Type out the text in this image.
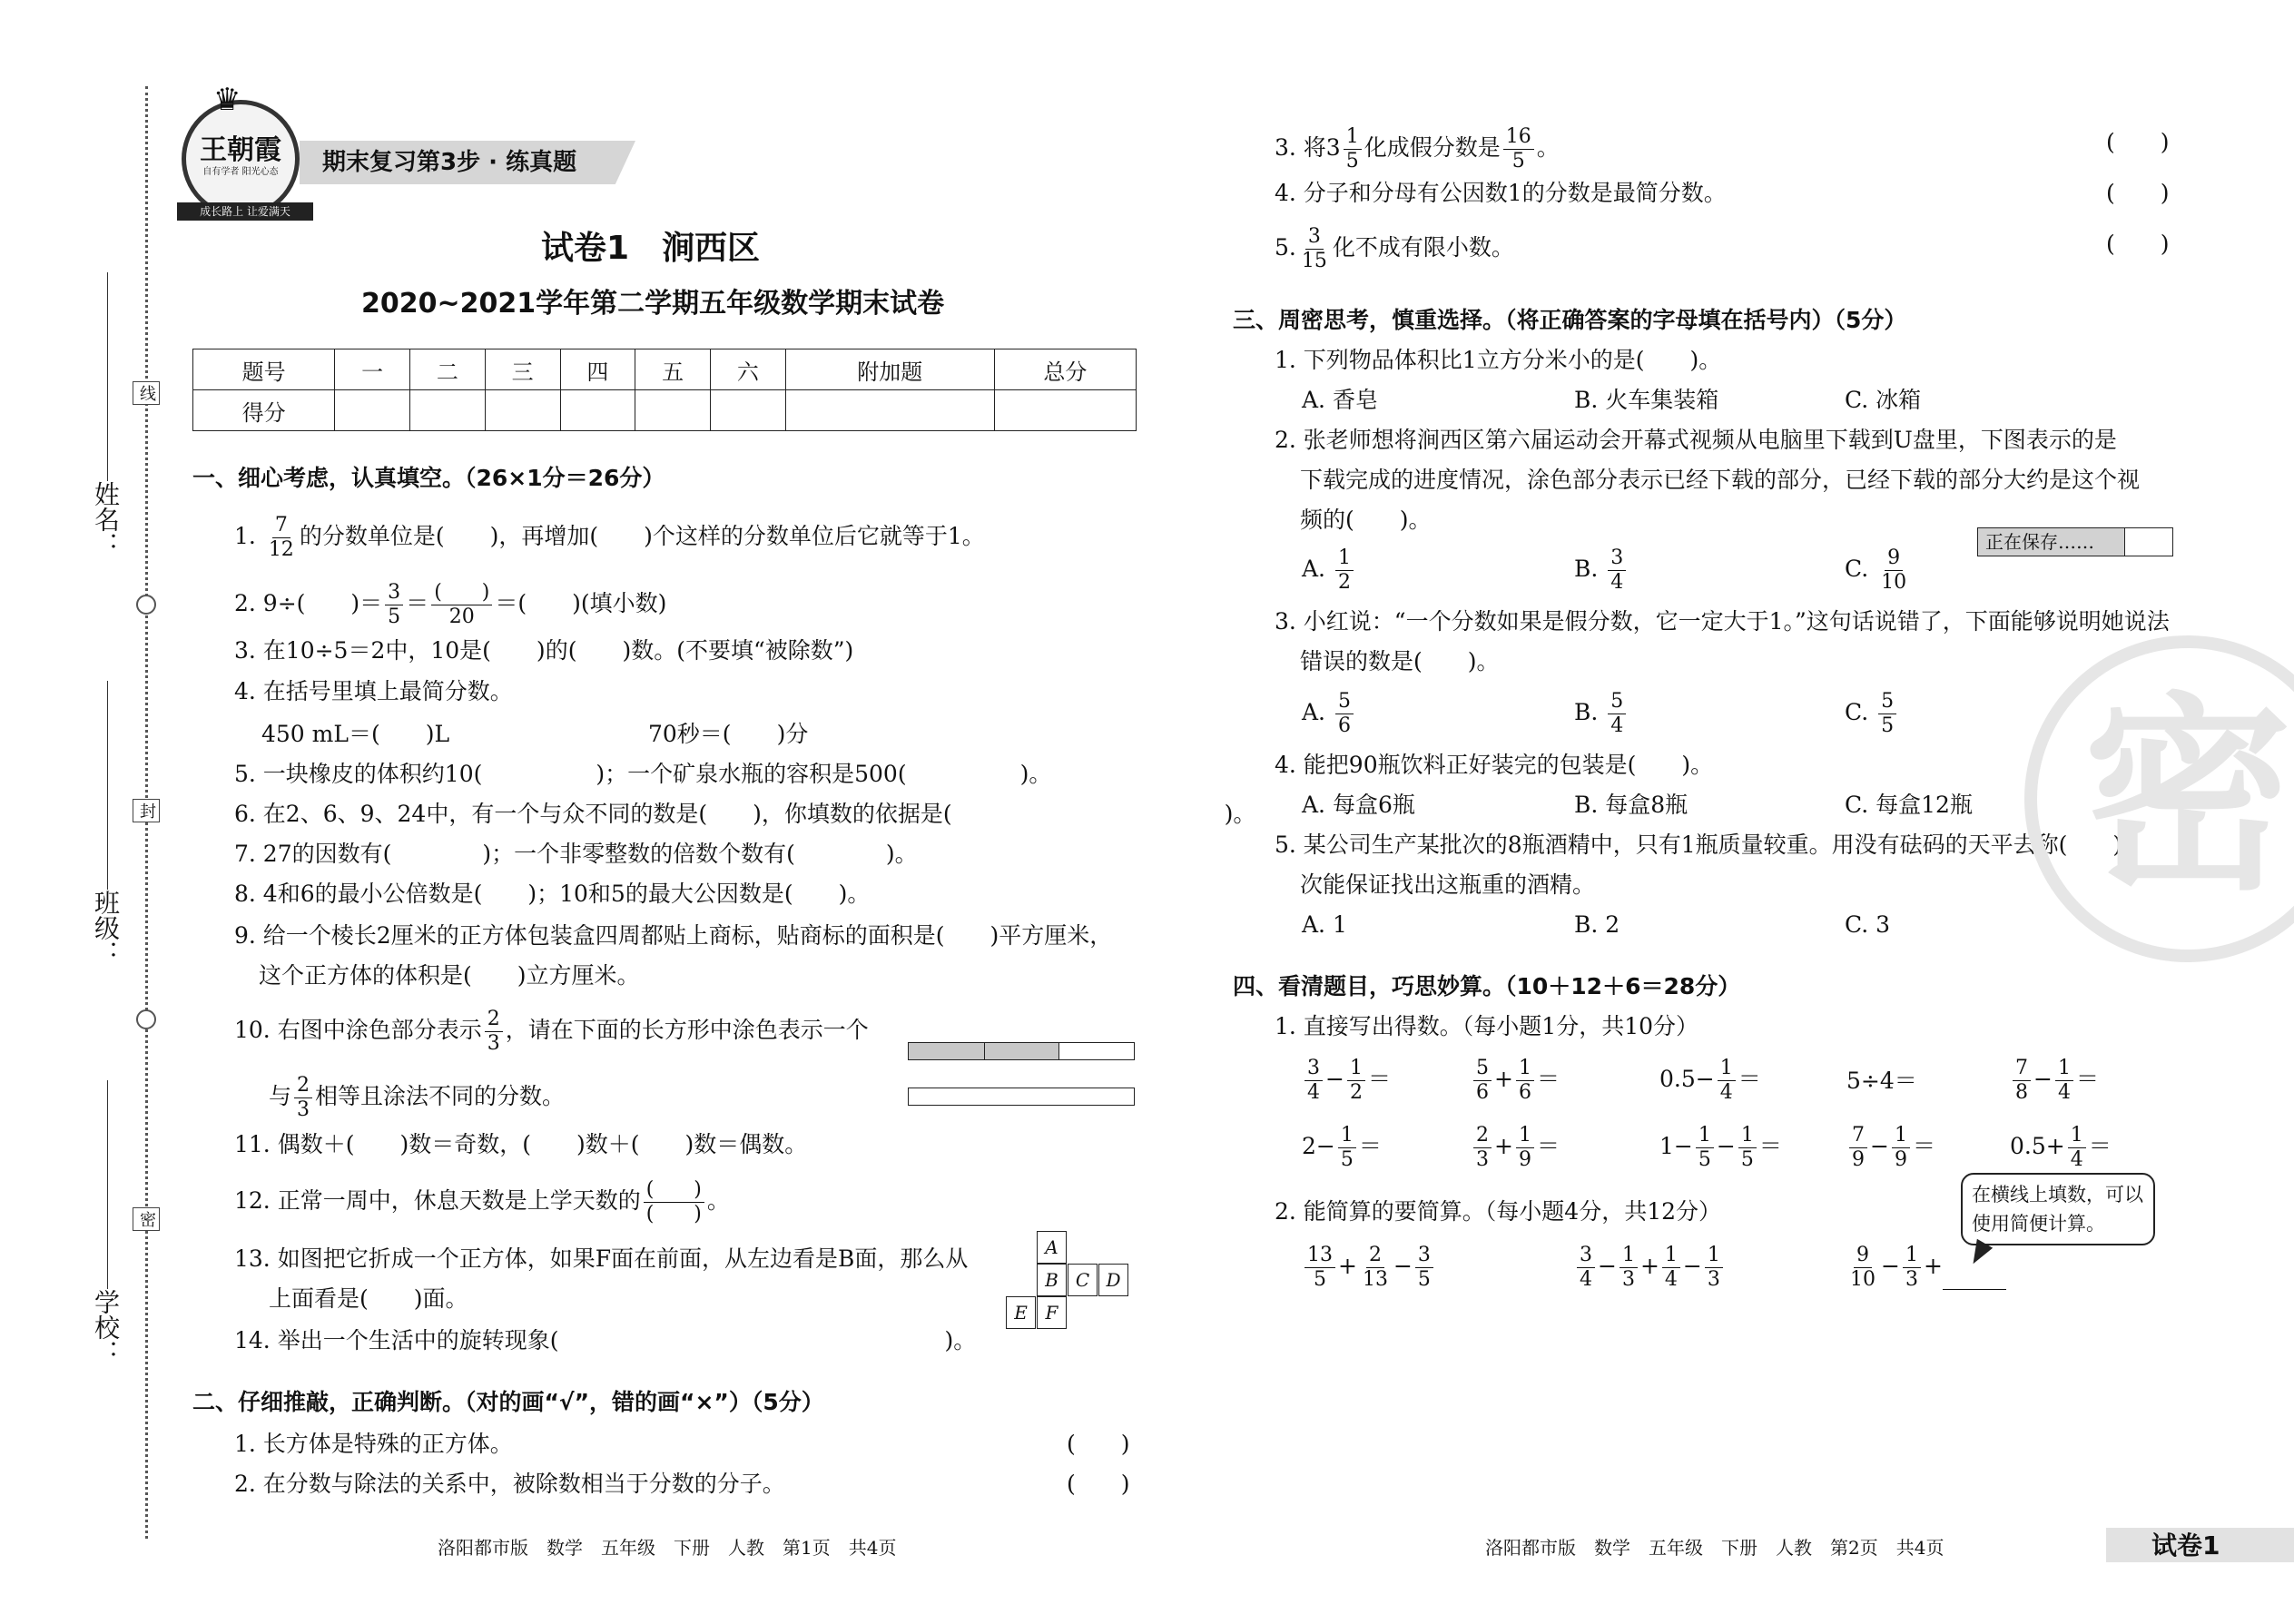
姓名：
班级：
学校：
线
封
密
♛
王朝霞
自有学者 阳光心态
成长路上 让爱满天
期末复习第3步 · 练真题
试卷1　涧西区
2020~2021学年第二学期五年级数学期末试卷
题号	一	二	三	四	五	六	附加题	总分
得分								
一、细心考虑，认真填空。（26×1分＝26分）
1. $\frac{7}{12}$ 的分数单位是(　　)，再增加(　　)个这样的分数单位后它就等于1。
2. 9÷(　　)＝ $\frac{3}{5} = \frac{( )}{20}$ ＝(　　)(填小数)
3. 在10÷5＝2中，10是(　　)的(　　)数。(不要填“被除数”)
4. 在括号里填上最简分数。
450 mL＝(　　)L	70秒＝(　　)分
5. 一块橡皮的体积约10(　　　　　)；一个矿泉水瓶的容积是500(　　　　　)。
6. 在2、6、9、24中，有一个与众不同的数是(　　)，你填数的依据是(　　　　　　　　　　　　)。
7. 27的因数有(　　　　)；一个非零整数的倍数个数有(　　　　)。
8. 4和6的最小公倍数是(　　)；10和5的最大公因数是(　　)。
9. 给一个棱长2厘米的正方体包装盒四周都贴上商标，贴商标的面积是(　　)平方厘米，
这个正方体的体积是(　　)立方厘米。
10. 右图中涂色部分表示 $\frac{2}{3}$ ，请在下面的长方形中涂色表示一个
与 $\frac{2}{3}$ 相等且涂法不同的分数。
11. 偶数＋(　　)数＝奇数，(　　)数＋(　　)数＝偶数。
12. 正常一周中，休息天数是上学天数的 $\frac{( )}{( )}$ 。
13. 如图把它折成一个正方体，如果F面在前面，从左边看是B面，那么从
上面看是(　　)面。
14. 举出一个生活中的旋转现象(　　　　　　　　　　　　　　　　　)。
A
B C D
E F
二、仔细推敲，正确判断。（对的画“√”，错的画“×”）（5分）
1. 长方体是特殊的正方体。	(　　)
2. 在分数与除法的关系中，被除数相当于分数的分子。	(　　)
3. 将$3 \frac{1}{5}$ 化成假分数是 $\frac{16}{5}$ 。	(　　)
4. 分子和分母有公因数1的分数是最简分数。	(　　)
5. $\frac{3}{15}$ 化不成有限小数。	(　　)
三、周密思考，慎重选择。（将正确答案的字母填在括号内）（5分）
1. 下列物品体积比1立方分米小的是(　　)。
A. 香皂	B. 火车集装箱	C. 冰箱
2. 张老师想将涧西区第六届运动会开幕式视频从电脑里下载到U盘里，下图表示的是
下载完成的进度情况，涂色部分表示已经下载的部分，已经下载的部分大约是这个视
频的(　　)。
A. $\frac{1}{2}$	B. $\frac{3}{4}$	C. $\frac{9}{10}$
正在保存……
3. 小红说：“一个分数如果是假分数，它一定大于1。”这句话说错了，下面能够说明她说法
错误的数是(　　)。
A. $\frac{5}{6}$	B. $\frac{5}{4}$	C. $\frac{5}{5}$
4. 能把90瓶饮料正好装完的包装是(　　)。
A. 每盒6瓶	B. 每盒8瓶	C. 每盒12瓶
5. 某公司生产某批次的8瓶酒精中，只有1瓶质量较重。用没有砝码的天平去称(　　)
次能保证找出这瓶重的酒精。
A. 1	B. 2	C. 3
四、看清题目，巧思妙算。（10＋12＋6＝28分）
1. 直接写出得数。（每小题1分，共10分）
$\frac{3}{4} - \frac{1}{2}$ ＝	$\frac{5}{6} + \frac{1}{6}$ ＝	$0.5- \frac{1}{4}$ ＝	5÷4＝	$\frac{7}{8} - \frac{1}{4}$ ＝
$2- \frac{1}{5}$ ＝	$\frac{2}{3} + \frac{1}{9}$ ＝	$1- \frac{1}{5} - \frac{1}{5}$ ＝	$\frac{7}{9} - \frac{1}{9}$ ＝	$0.5+ \frac{1}{4}$ ＝
2. 能简算的要简算。（每小题4分，共12分）
$\frac{13}{5} + \frac{2}{13} - \frac{3}{5}$	$\frac{3}{4} - \frac{1}{3} + \frac{1}{4} - \frac{1}{3}$	$\frac{9}{10} - \frac{1}{3}$ +
在横线上填数，可以使用简便计算。
密
洛阳都市版　数学　五年级　下册　人教　第1页　共4页	洛阳都市版　数学　五年级　下册　人教　第2页　共4页	试卷1
